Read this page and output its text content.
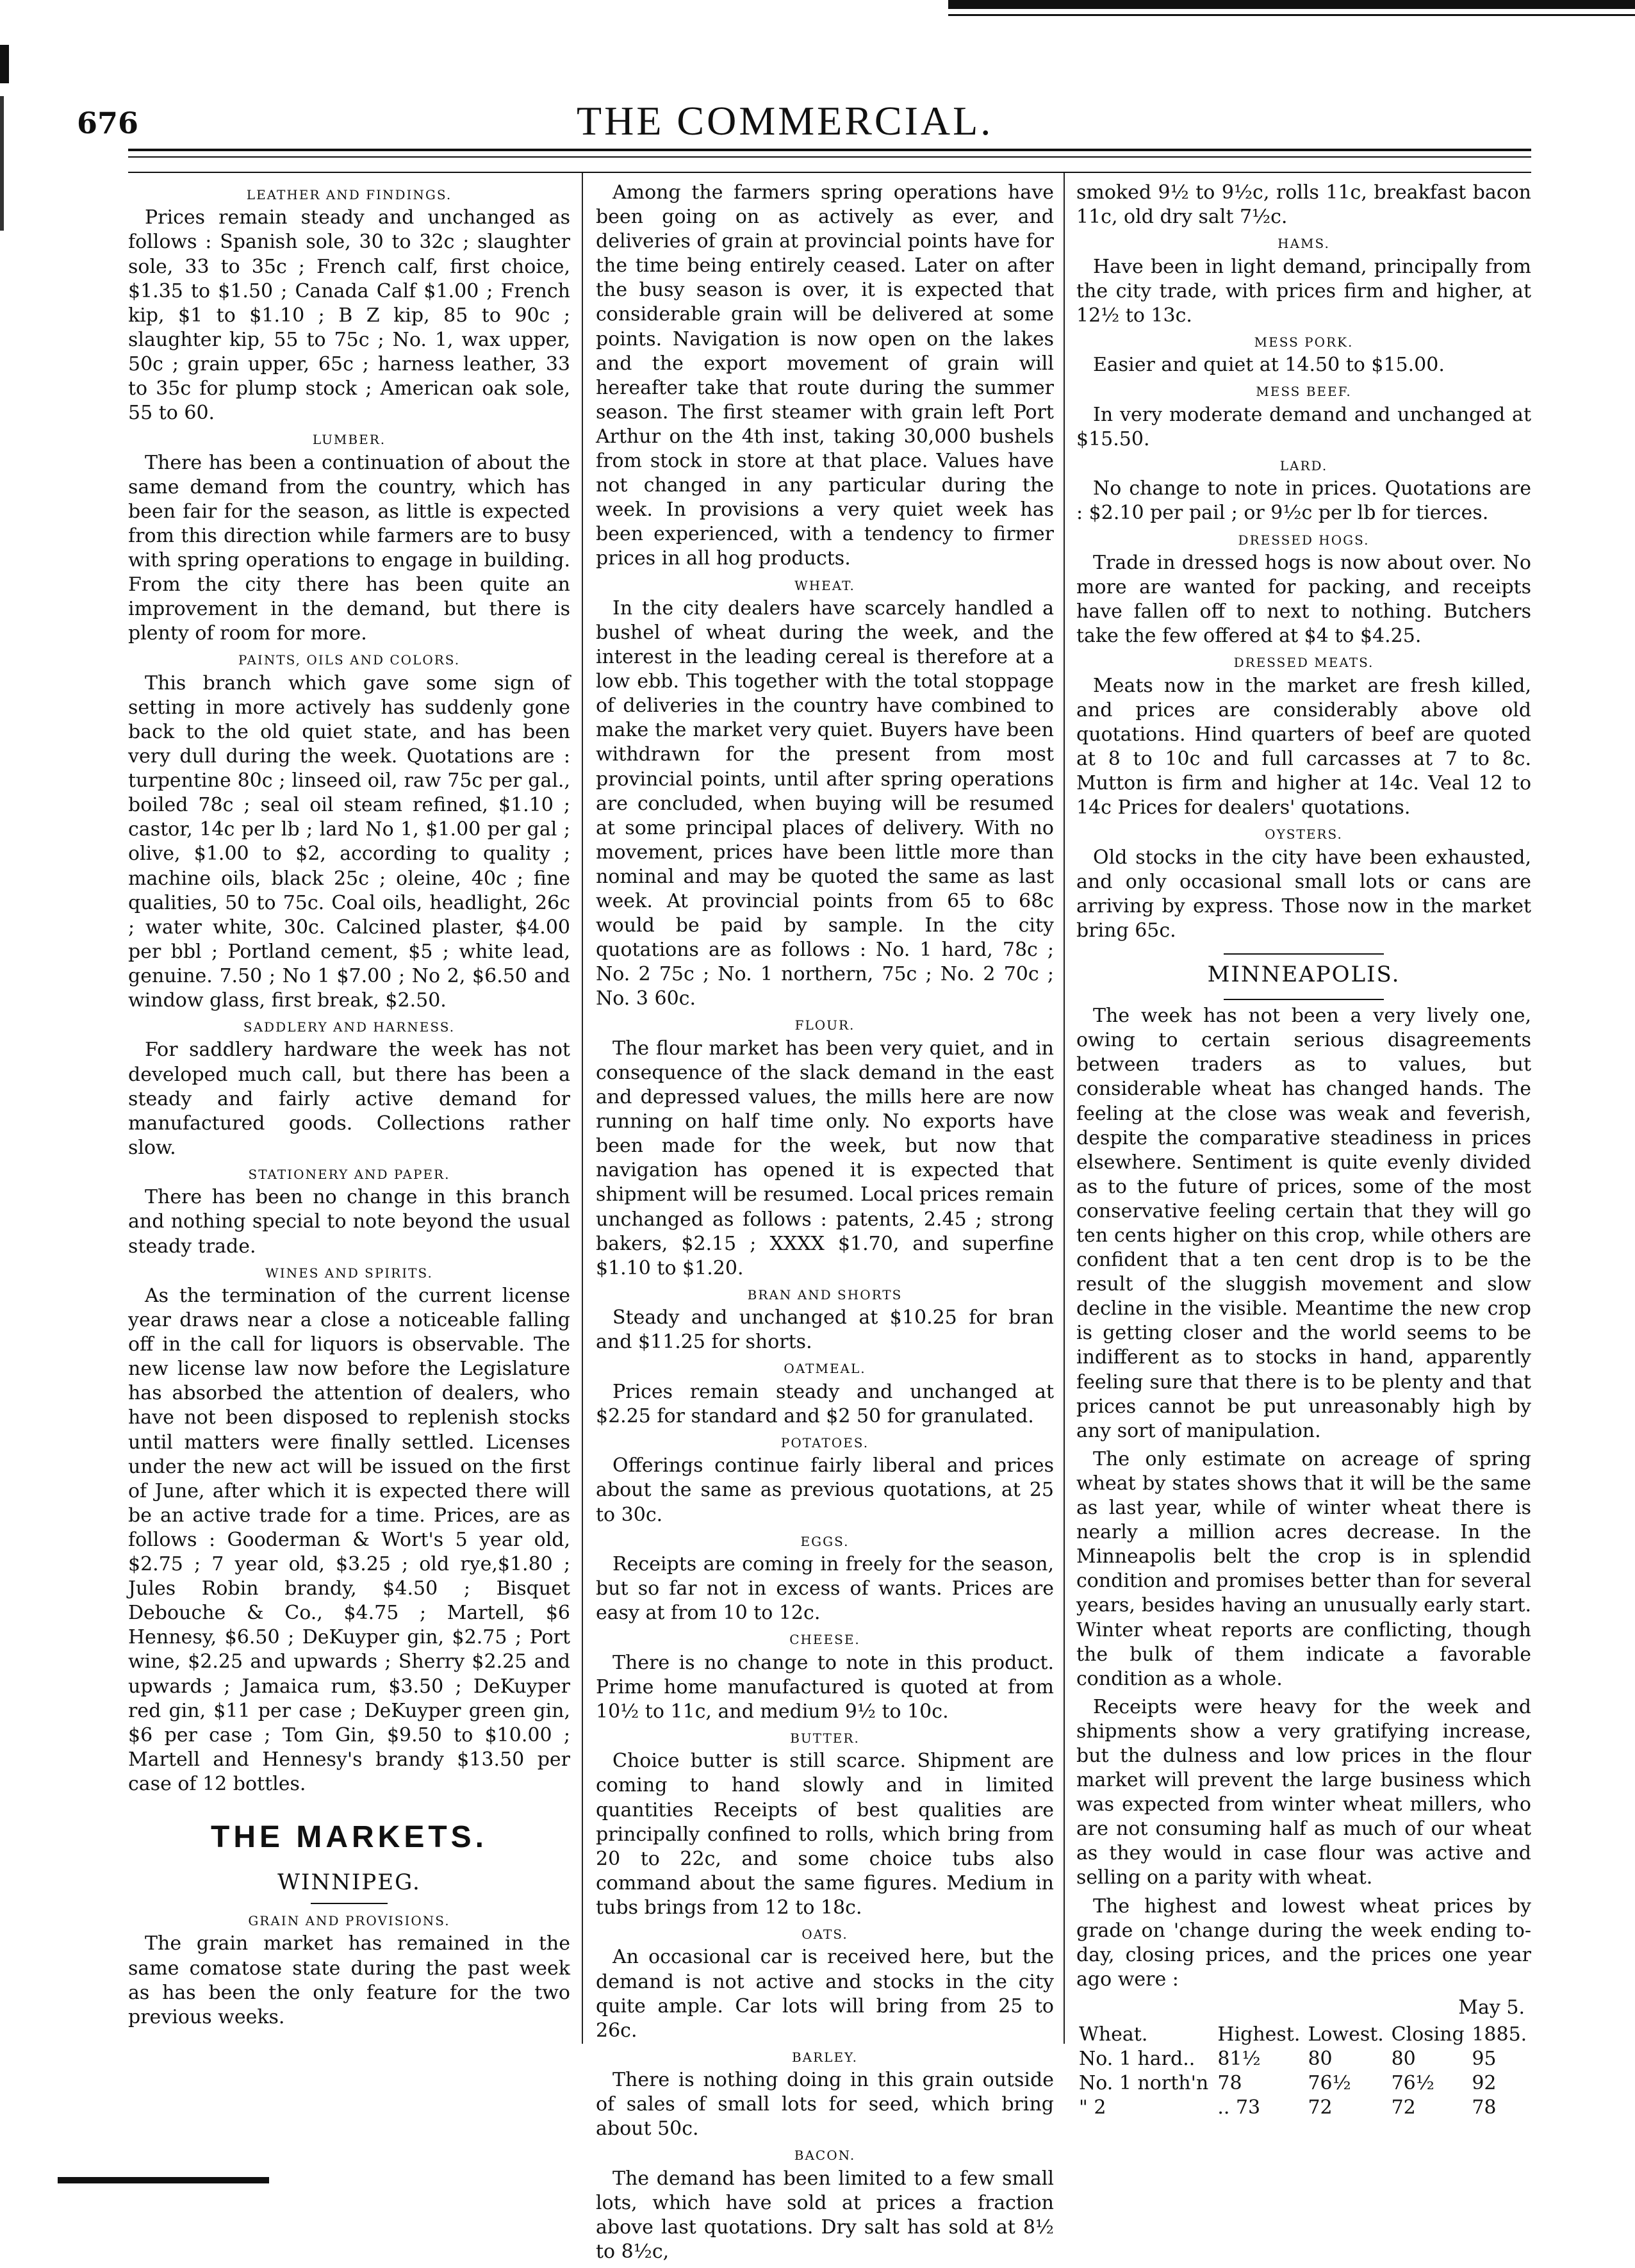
676	THE COMMERCIAL.
LEATHER AND FINDINGS.

Prices remain steady and unchanged as follows : Spanish sole, 30 to 32c ; slaughter sole, 33 to 35c ; French calf, first choice, $1.35 to $1.50 ; Canada Calf $1.00 ; French kip, $1 to $1.10 ; B Z kip, 85 to 90c ; slaughter kip, 55 to 75c ; No. 1, wax upper, 50c ; grain upper, 65c ; harness leather, 33 to 35c for plump stock ; American oak sole, 55 to 60.

LUMBER.

There has been a continuation of about the same demand from the country, which has been fair for the season, as little is expected from this direction while farmers are to busy with spring operations to engage in building. From the city there has been quite an improvement in the demand, but there is plenty of room for more.

PAINTS, OILS AND COLORS.

This branch which gave some sign of setting in more actively has suddenly gone back to the old quiet state, and has been very dull during the week. Quotations are : turpentine 80c ; linseed oil, raw 75c per gal., boiled 78c ; seal oil steam refined, $1.10 ; castor, 14c per lb ; lard No 1, $1.00 per gal ; olive, $1.00 to $2, according to quality ; machine oils, black 25c ; oleine, 40c ; fine qualities, 50 to 75c. Coal oils, headlight, 26c ; water white, 30c. Calcined plaster, $4.00 per bbl ; Portland cement, $5 ; white lead, genuine. 7.50 ; No 1 $7.00 ; No 2, $6.50 and window glass, first break, $2.50.

SADDLERY AND HARNESS.

For saddlery hardware the week has not developed much call, but there has been a steady and fairly active demand for manufactured goods. Collections rather slow.

STATIONERY AND PAPER.

There has been no change in this branch and nothing special to note beyond the usual steady trade.

WINES AND SPIRITS.

As the termination of the current license year draws near a close a noticeable falling off in the call for liquors is observable. The new license law now before the Legislature has absorbed the attention of dealers, who have not been disposed to replenish stocks until matters were finally settled. Licenses under the new act will be issued on the first of June, after which it is expected there will be an active trade for a time. Prices, are as follows : Gooderman & Wort's 5 year old, $2.75 ; 7 year old, $3.25 ; old rye,$1.80 ; Jules Robin brandy, $4.50 ; Bisquet Debouche & Co., $4.75 ; Martell, $6 Hennesy, $6.50 ; DeKuyper gin, $2.75 ; Port wine, $2.25 and upwards ; Sherry $2.25 and upwards ; Jamaica rum, $3.50 ; DeKuyper red gin, $11 per case ; DeKuyper green gin, $6 per case ; Tom Gin, $9.50 to $10.00 ; Martell and Hennesy's brandy $13.50 per case of 12 bottles.

THE MARKETS.
WINNIPEG.
GRAIN AND PROVISIONS.

The grain market has remained in the same comatose state during the past week as has been the only feature for the two previous weeks.

Among the farmers spring operations have been going on as actively as ever, and deliveries of grain at provincial points have for the time being entirely ceased. Later on after the busy season is over, it is expected that considerable grain will be delivered at some points. Navigation is now open on the lakes and the export movement of grain will hereafter take that route during the summer season. The first steamer with grain left Port Arthur on the 4th inst, taking 30,000 bushels from stock in store at that place. Values have not changed in any particular during the week. In provisions a very quiet week has been experienced, with a tendency to firmer prices in all hog products.

WHEAT.

In the city dealers have scarcely handled a bushel of wheat during the week, and the interest in the leading cereal is therefore at a low ebb. This together with the total stoppage of deliveries in the country have combined to make the market very quiet. Buyers have been withdrawn for the present from most provincial points, until after spring operations are concluded, when buying will be resumed at some principal places of delivery. With no movement, prices have been little more than nominal and may be quoted the same as last week. At provincial points from 65 to 68c would be paid by sample. In the city quotations are as follows : No. 1 hard, 78c ; No. 2 75c ; No. 1 northern, 75c ; No. 2 70c ; No. 3 60c.

FLOUR.

The flour market has been very quiet, and in consequence of the slack demand in the east and depressed values, the mills here are now running on half time only. No exports have been made for the week, but now that navigation has opened it is expected that shipment will be resumed. Local prices remain unchanged as follows : patents, 2.45 ; strong bakers, $2.15 ; XXXX $1.70, and superfine $1.10 to $1.20.

BRAN AND SHORTS

Steady and unchanged at $10.25 for bran and $11.25 for shorts.

OATMEAL.

Prices remain steady and unchanged at $2.25 for standard and $2 50 for granulated.

POTATOES.

Offerings continue fairly liberal and prices about the same as previous quotations, at 25 to 30c.

EGGS.

Receipts are coming in freely for the season, but so far not in excess of wants. Prices are easy at from 10 to 12c.

CHEESE.

There is no change to note in this product. Prime home manufactured is quoted at from 10½ to 11c, and medium 9½ to 10c.

BUTTER.

Choice butter is still scarce. Shipment are coming to hand slowly and in limited quantities Receipts of best qualities are principally confined to rolls, which bring from 20 to 22c, and some choice tubs also command about the same figures. Medium in tubs brings from 12 to 18c.

OATS.

An occasional car is received here, but the demand is not active and stocks in the city quite ample. Car lots will bring from 25 to 26c.

BARLEY.

There is nothing doing in this grain outside of sales of small lots for seed, which bring about 50c.

BACON.

The demand has been limited to a few small lots, which have sold at prices a fraction above last quotations. Dry salt has sold at 8½ to 8½c,

smoked 9½ to 9½c, rolls 11c, breakfast bacon 11c, old dry salt 7½c.

HAMS.

Have been in light demand, principally from the city trade, with prices firm and higher, at 12½ to 13c.

MESS PORK.

Easier and quiet at 14.50 to $15.00.

MESS BEEF.

In very moderate demand and unchanged at $15.50.

LARD.

No change to note in prices. Quotations are : $2.10 per pail ; or 9½c per lb for tierces.

DRESSED HOGS.

Trade in dressed hogs is now about over. No more are wanted for packing, and receipts have fallen off to next to nothing. Butchers take the few offered at $4 to $4.25.

DRESSED MEATS.

Meats now in the market are fresh killed, and prices are considerably above old quotations. Hind quarters of beef are quoted at 8 to 10c and full carcasses at 7 to 8c. Mutton is firm and higher at 14c. Veal 12 to 14c Prices for dealers' quotations.

OYSTERS.

Old stocks in the city have been exhausted, and only occasional small lots or cans are arriving by express. Those now in the market bring 65c.

MINNEAPOLIS.

The week has not been a very lively one, owing to certain serious disagreements between traders as to values, but considerable wheat has changed hands. The feeling at the close was weak and feverish, despite the comparative steadiness in prices elsewhere. Sentiment is quite evenly divided as to the future of prices, some of the most conservative feeling certain that they will go ten cents higher on this crop, while others are confident that a ten cent drop is to be the result of the sluggish movement and slow decline in the visible. Meantime the new crop is getting closer and the world seems to be indifferent as to stocks in hand, apparently feeling sure that there is to be plenty and that prices cannot be put unreasonably high by any sort of manipulation.

The only estimate on acreage of spring wheat by states shows that it will be the same as last year, while of winter wheat there is nearly a million acres decrease. In the Minneapolis belt the crop is in splendid condition and promises better than for several years, besides having an unusually early start. Winter wheat reports are conflicting, though the bulk of them indicate a favorable condition as a whole.

Receipts were heavy for the week and shipments show a very gratifying increase, but the dulness and low prices in the flour market will prevent the large business which was expected from winter wheat millers, who are not consuming half as much of our wheat as they would in case flour was active and selling on a parity with wheat.

The highest and lowest wheat prices by grade on 'change during the week ending to-day, closing prices, and the prices one year ago were :

May 5.
Wheat.	Highest.	Lowest.	Closing	1885.
No. 1 hard..	81½	80	80	95
No. 1 north'n	78	76½	76½	92
" 2	.. 73	72	72	78
